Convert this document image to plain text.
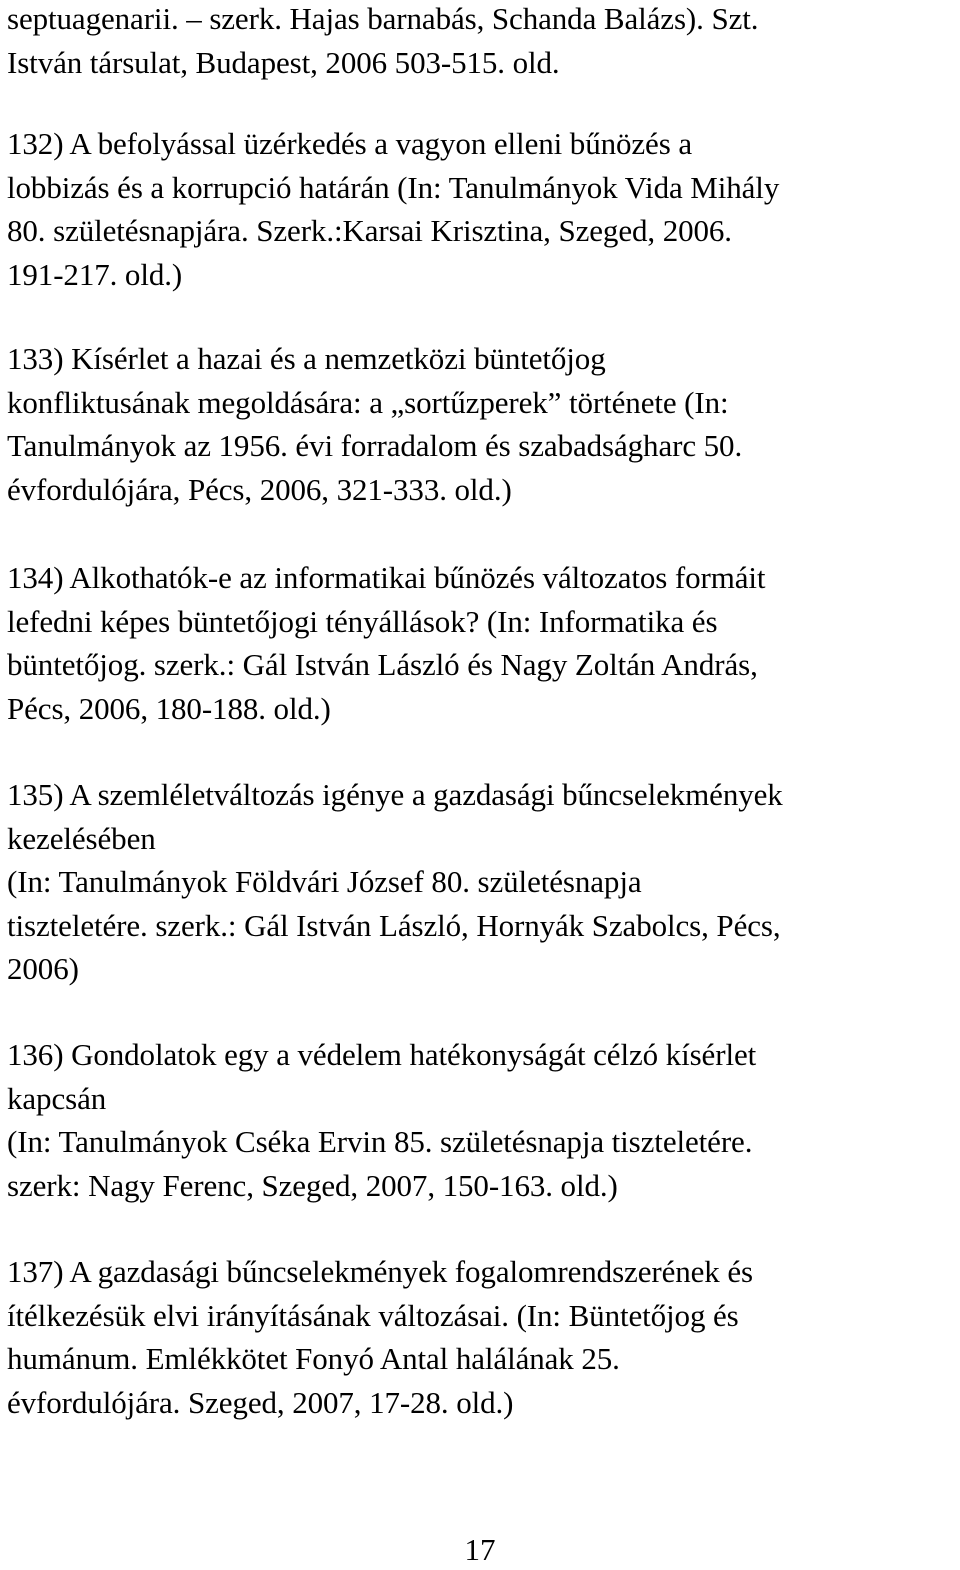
septuagenarii. – szerk. Hajas barnabás, Schanda Balázs). Szt.
István társulat, Budapest, 2006 503-515. old.
132) A befolyással üzérkedés a vagyon elleni bűnözés a
lobbizás és a korrupció határán (In: Tanulmányok Vida Mihály
80. születésnapjára. Szerk.:Karsai Krisztina, Szeged, 2006.
191-217. old.)
133) Kísérlet a hazai és a nemzetközi büntetőjog
konfliktusának megoldására: a „sortűzperek” története (In:
Tanulmányok az 1956. évi forradalom és szabadságharc 50.
évfordulójára, Pécs, 2006, 321-333. old.)
134) Alkothatók-e az informatikai bűnözés változatos formáit
lefedni képes büntetőjogi tényállások? (In: Informatika és
büntetőjog. szerk.: Gál István László és Nagy Zoltán András,
Pécs, 2006, 180-188. old.)
135) A szemléletváltozás igénye a gazdasági bűncselekmények
kezelésében
(In: Tanulmányok Földvári József 80. születésnapja
tiszteletére. szerk.: Gál István László, Hornyák Szabolcs, Pécs,
2006)
136) Gondolatok egy a védelem hatékonyságát célzó kísérlet
kapcsán
(In: Tanulmányok Cséka Ervin 85. születésnapja tiszteletére.
szerk: Nagy Ferenc, Szeged, 2007, 150-163. old.)
137) A gazdasági bűncselekmények fogalomrendszerének és
ítélkezésük elvi irányításának változásai. (In: Büntetőjog és
humánum. Emlékkötet Fonyó Antal halálának 25.
évfordulójára. Szeged, 2007, 17-28. old.)
17
